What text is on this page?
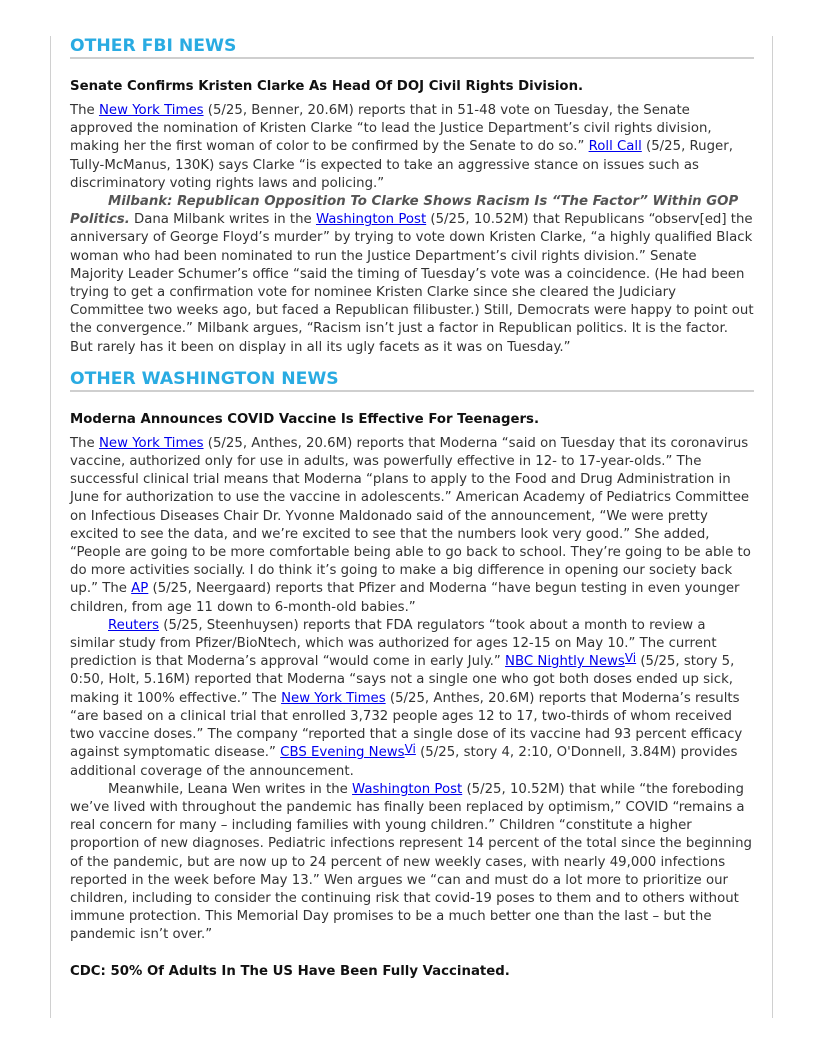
OTHER FBI NEWS
Senate Confirms Kristen Clarke As Head Of DOJ Civil Rights Division.

The New York Times (5/25, Benner, 20.6M) reports that in 51-48 vote on Tuesday, the Senate approved the nomination of Kristen Clarke “to lead the Justice Department’s civil rights division, making her the first woman of color to be confirmed by the Senate to do so.” Roll Call (5/25, Ruger, Tully-McManus, 130K) says Clarke “is expected to take an aggressive stance on issues such as discriminatory voting rights laws and policing.”

Milbank: Republican Opposition To Clarke Shows Racism Is “The Factor” Within GOP Politics. Dana Milbank writes in the Washington Post (5/25, 10.52M) that Republicans “observ[ed] the anniversary of George Floyd’s murder” by trying to vote down Kristen Clarke, “a highly qualified Black woman who had been nominated to run the Justice Department’s civil rights division.” Senate Majority Leader Schumer’s office “said the timing of Tuesday’s vote was a coincidence. (He had been trying to get a confirmation vote for nominee Kristen Clarke since she cleared the Judiciary Committee two weeks ago, but faced a Republican filibuster.) Still, Democrats were happy to point out the convergence.” Milbank argues, “Racism isn’t just a factor in Republican politics. It is the factor. But rarely has it been on display in all its ugly facets as it was on Tuesday.”

OTHER WASHINGTON NEWS
Moderna Announces COVID Vaccine Is Effective For Teenagers.

The New York Times (5/25, Anthes, 20.6M) reports that Moderna “said on Tuesday that its coronavirus vaccine, authorized only for use in adults, was powerfully effective in 12- to 17-year-olds.” The successful clinical trial means that Moderna “plans to apply to the Food and Drug Administration in June for authorization to use the vaccine in adolescents.” American Academy of Pediatrics Committee on Infectious Diseases Chair Dr. Yvonne Maldonado said of the announcement, “We were pretty excited to see the data, and we’re excited to see that the numbers look very good.” She added, “People are going to be more comfortable being able to go back to school. They’re going to be able to do more activities socially. I do think it’s going to make a big difference in opening our society back up.” The AP (5/25, Neergaard) reports that Pfizer and Moderna “have begun testing in even younger children, from age 11 down to 6-month-old babies.”

Reuters (5/25, Steenhuysen) reports that FDA regulators “took about a month to review a similar study from Pfizer/BioNtech, which was authorized for ages 12-15 on May 10.” The current prediction is that Moderna’s approval “would come in early July.” NBC Nightly News$^{Vi}$ (5/25, story 5, 0:50, Holt, 5.16M) reported that Moderna “says not a single one who got both doses ended up sick, making it 100% effective.” The New York Times (5/25, Anthes, 20.6M) reports that Moderna’s results “are based on a clinical trial that enrolled 3,732 people ages 12 to 17, two-thirds of whom received two vaccine doses.” The company “reported that a single dose of its vaccine had 93 percent efficacy against symptomatic disease.” CBS Evening News$^{Vi}$ (5/25, story 4, 2:10, O'Donnell, 3.84M) provides additional coverage of the announcement.

Meanwhile, Leana Wen writes in the Washington Post (5/25, 10.52M) that while “the foreboding we’ve lived with throughout the pandemic has finally been replaced by optimism,” COVID “remains a real concern for many – including families with young children.” Children “constitute a higher proportion of new diagnoses. Pediatric infections represent 14 percent of the total since the beginning of the pandemic, but are now up to 24 percent of new weekly cases, with nearly 49,000 infections reported in the week before May 13.” Wen argues we “can and must do a lot more to prioritize our children, including to consider the continuing risk that covid-19 poses to them and to others without immune protection. This Memorial Day promises to be a much better one than the last – but the pandemic isn’t over.”

CDC: 50% Of Adults In The US Have Been Fully Vaccinated.
